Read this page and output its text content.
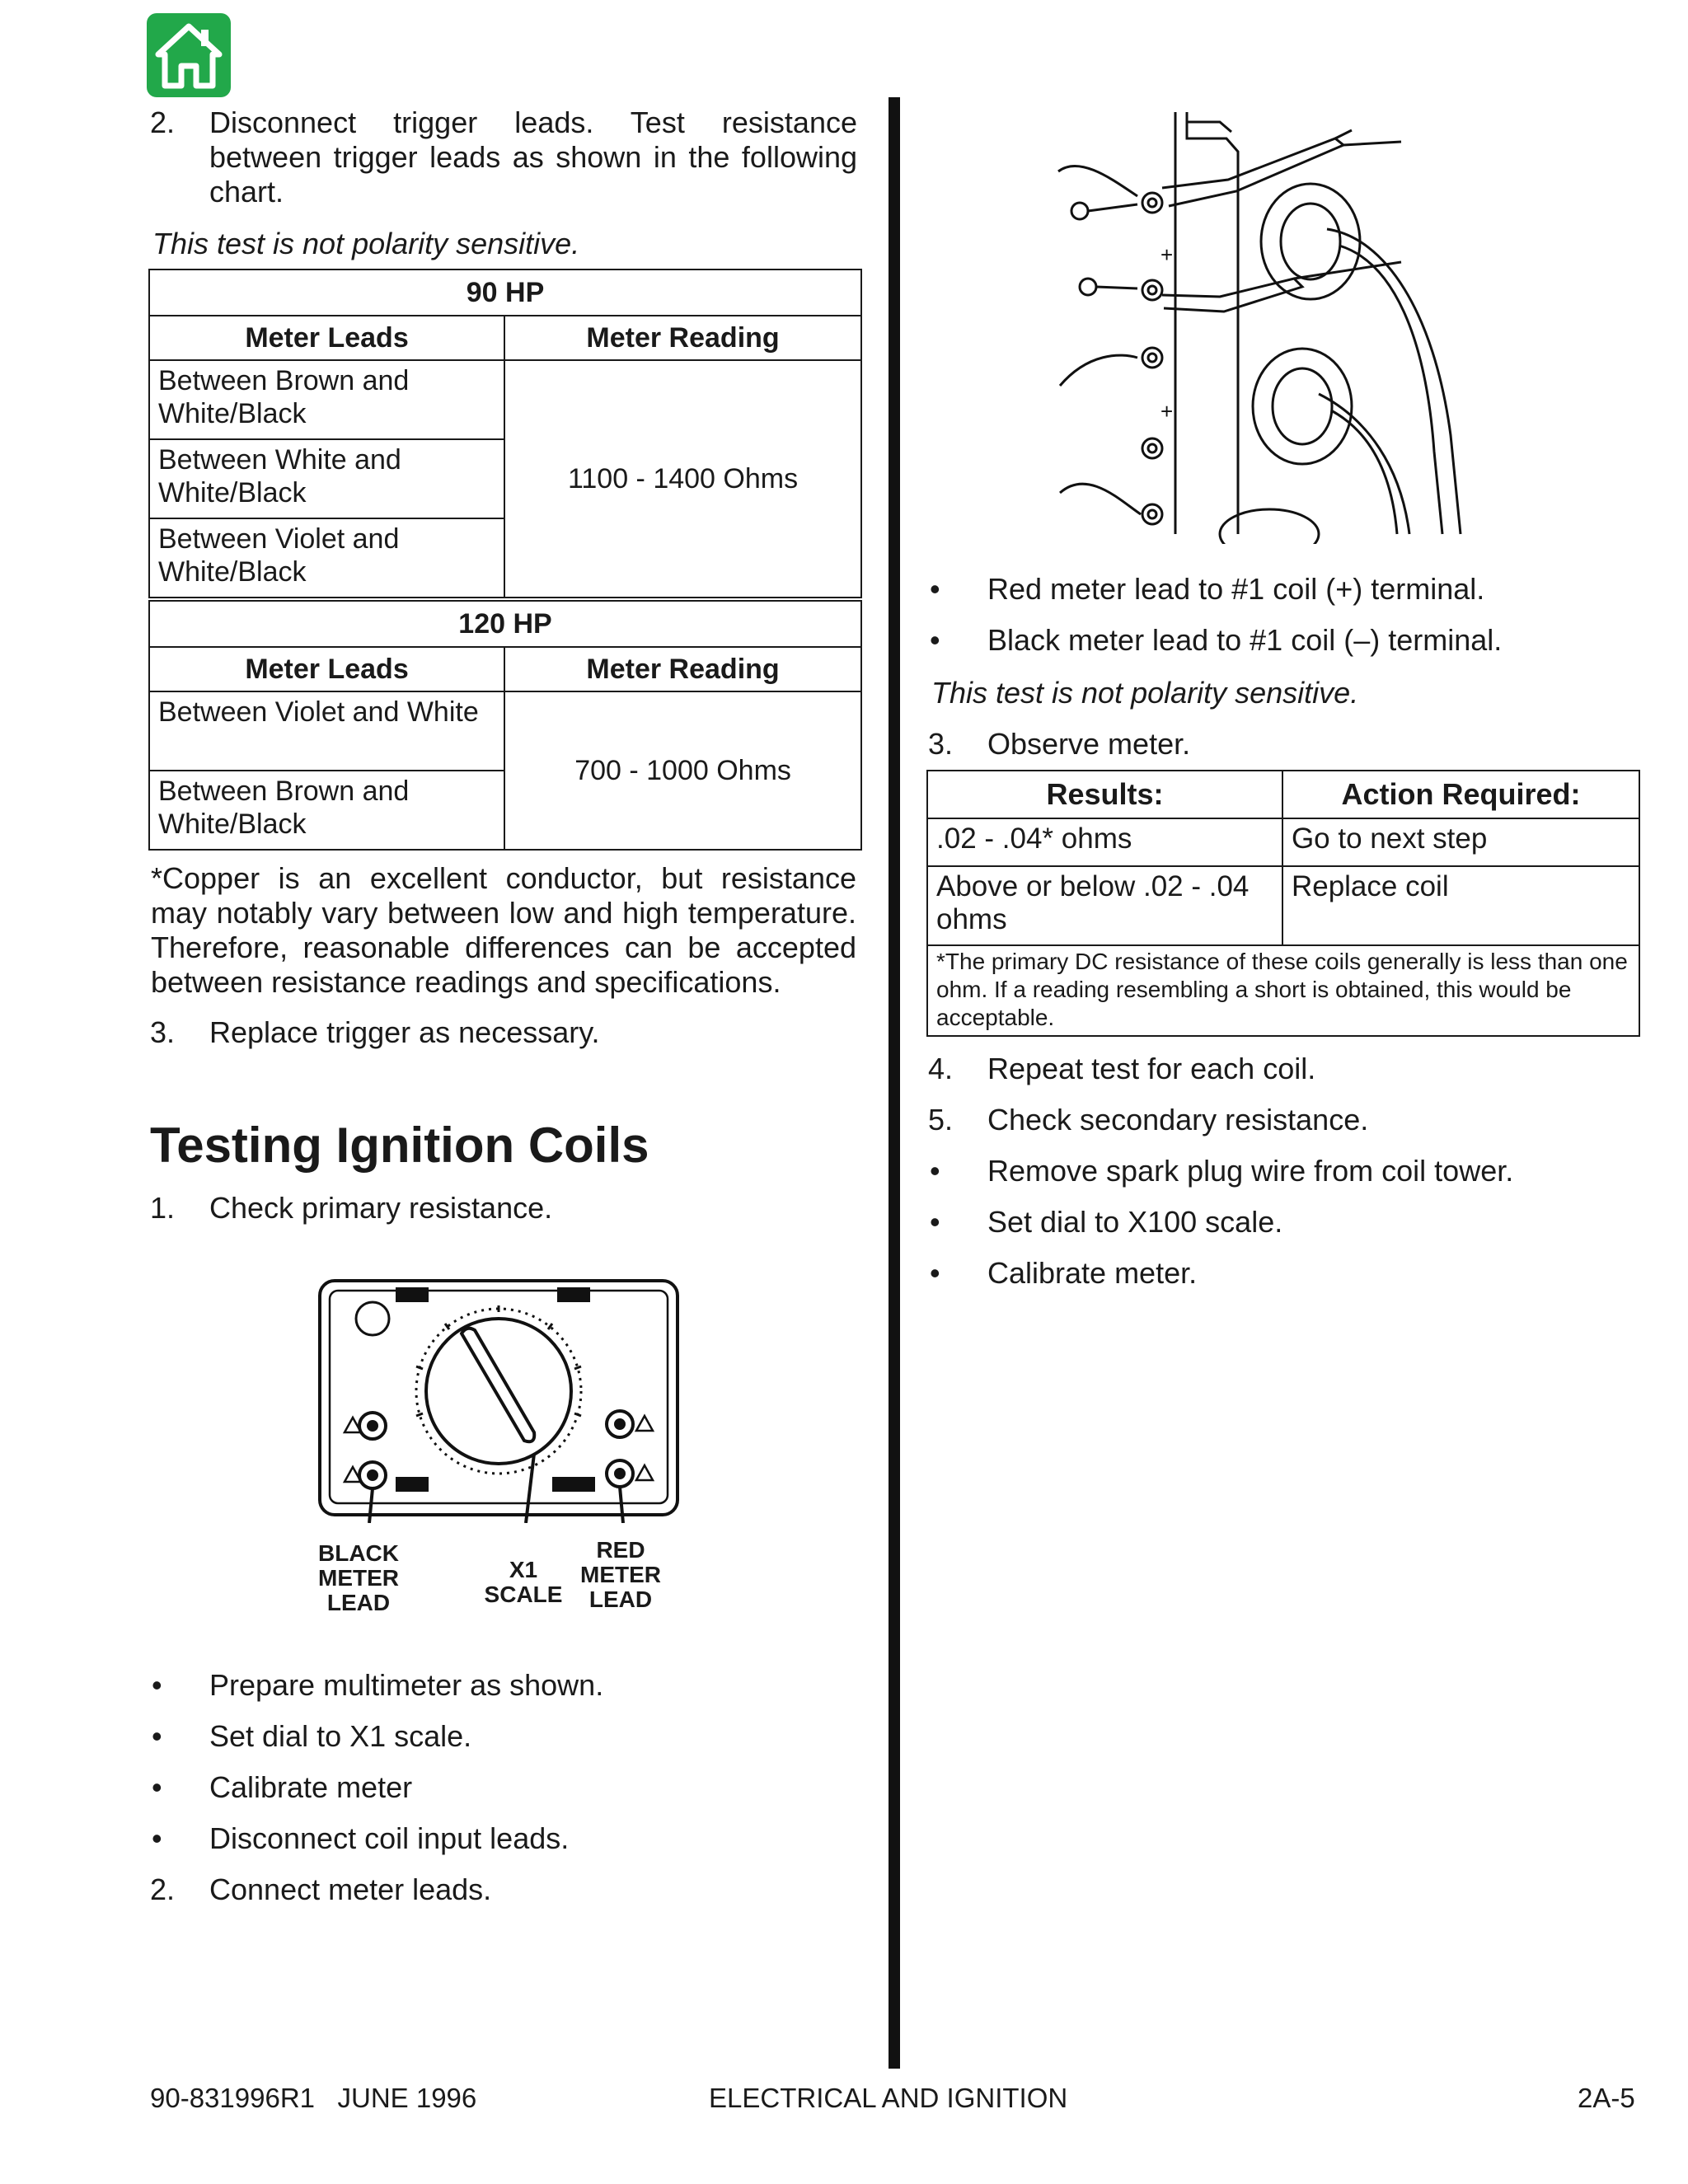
2. Disconnect trigger leads. Test resistance between trigger leads as shown in the following chart.
This test is not polarity sensitive.
90 HP	
Meter Leads	Meter Reading
Between Brown and White/Black	1100 - 1400 Ohms
Between White and White/Black	
Between Violet and White/Black	
120 HP	
Meter Leads	Meter Reading
Between Violet and White	700 - 1000 Ohms
Between Brown and White/Black	
*Copper is an excellent conductor, but resistance may notably vary between low and high temperature. Therefore, reasonable differences can be accepted between resistance readings and specifications.
3. Replace trigger as necessary.
Testing Ignition Coils
1. Check primary resistance.
BLACK METER LEAD
X1 SCALE
RED METER LEAD
• Prepare multimeter as shown.
• Set dial to X1 scale.
• Calibrate meter
• Disconnect coil input leads.
2. Connect meter leads.
+
+
• Red meter lead to #1 coil (+) terminal.
• Black meter lead to #1 coil (–) terminal.
This test is not polarity sensitive.
3. Observe meter.
Results:	Action Required:
.02 - .04* ohms	Go to next step
Above or below .02 - .04 ohms	Replace coil
*The primary DC resistance of these coils generally is less than one ohm. If a reading resembling a short is obtained, this would be acceptable.	
4. Repeat test for each coil.
5. Check secondary resistance.
• Remove spark plug wire from coil tower.
• Set dial to X100 scale.
• Calibrate meter.
90-831996R1   JUNE 1996	ELECTRICAL AND IGNITION	2A-5
